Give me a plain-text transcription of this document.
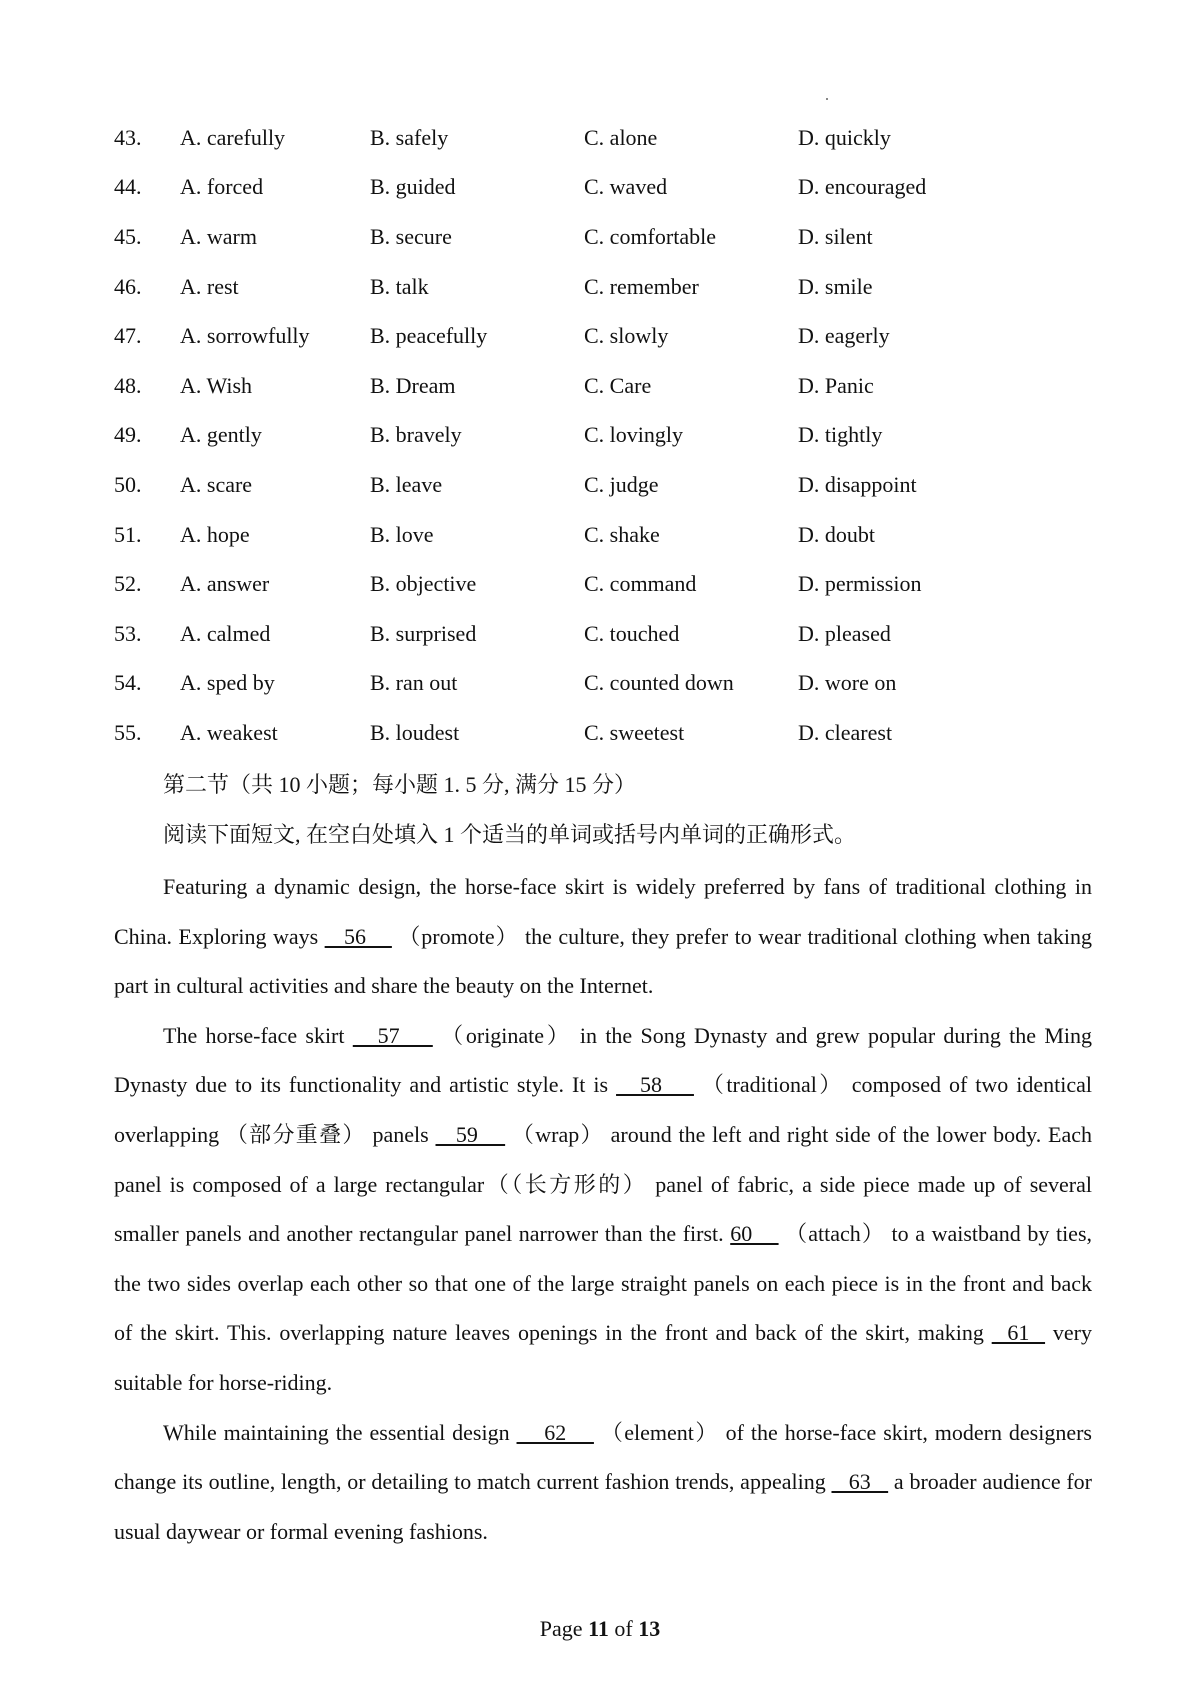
43.	A. carefully	B. safely	C. alone	D. quickly
44.	A. forced	B. guided	C. waved	D. encouraged
45.	A. warm	B. secure	C. comfortable	D. silent
46.	A. rest	B. talk	C. remember	D. smile
47.	A. sorrowfully	B. peacefully	C. slowly	D. eagerly
48.	A. Wish	B. Dream	C. Care	D. Panic
49.	A. gently	B. bravely	C. lovingly	D. tightly
50.	A. scare	B. leave	C. judge	D. disappoint
51.	A. hope	B. love	C. shake	D. doubt
52.	A. answer	B. objective	C. command	D. permission
53.	A. calmed	B. surprised	C. touched	D. pleased
54.	A. sped by	B. ran out	C. counted down	D. wore on
55.	A. weakest	B. loudest	C. sweetest	D. clearest
第二节（共 10 小题；每小题 1. 5 分, 满分 15 分）
阅读下面短文, 在空白处填入 1 个适当的单词或括号内单词的正确形式。

Featuring a dynamic design, the horse-face skirt is widely preferred by fans of traditional clothing in China. Exploring ways    56     （promote） the culture, they prefer to wear traditional clothing when taking part in cultural activities and share the beauty on the Internet.

The horse-face skirt    57     （originate） in the Song Dynasty and grew popular during the Ming Dynasty due to its functionality and artistic style. It is    58     （traditional） composed of two identical overlapping （部分重叠） panels    59     （wrap） around the left and right side of the lower body. Each panel is composed of a large rectangular（（长方形的） panel of fabric, a side piece made up of several smaller panels and another rectangular panel narrower than the first. 60     （attach） to a waistband by ties, the two sides overlap each other so that one of the large straight panels on each piece is in the front and back of the skirt. This. overlapping nature leaves openings in the front and back of the skirt, making   61   very suitable for horse-riding.

While maintaining the essential design     62     （element） of the horse-face skirt, modern designers change its outline, length, or detailing to match current fashion trends, appealing    63    a broader audience for usual daywear or formal evening fashions.

Page 11 of 13
